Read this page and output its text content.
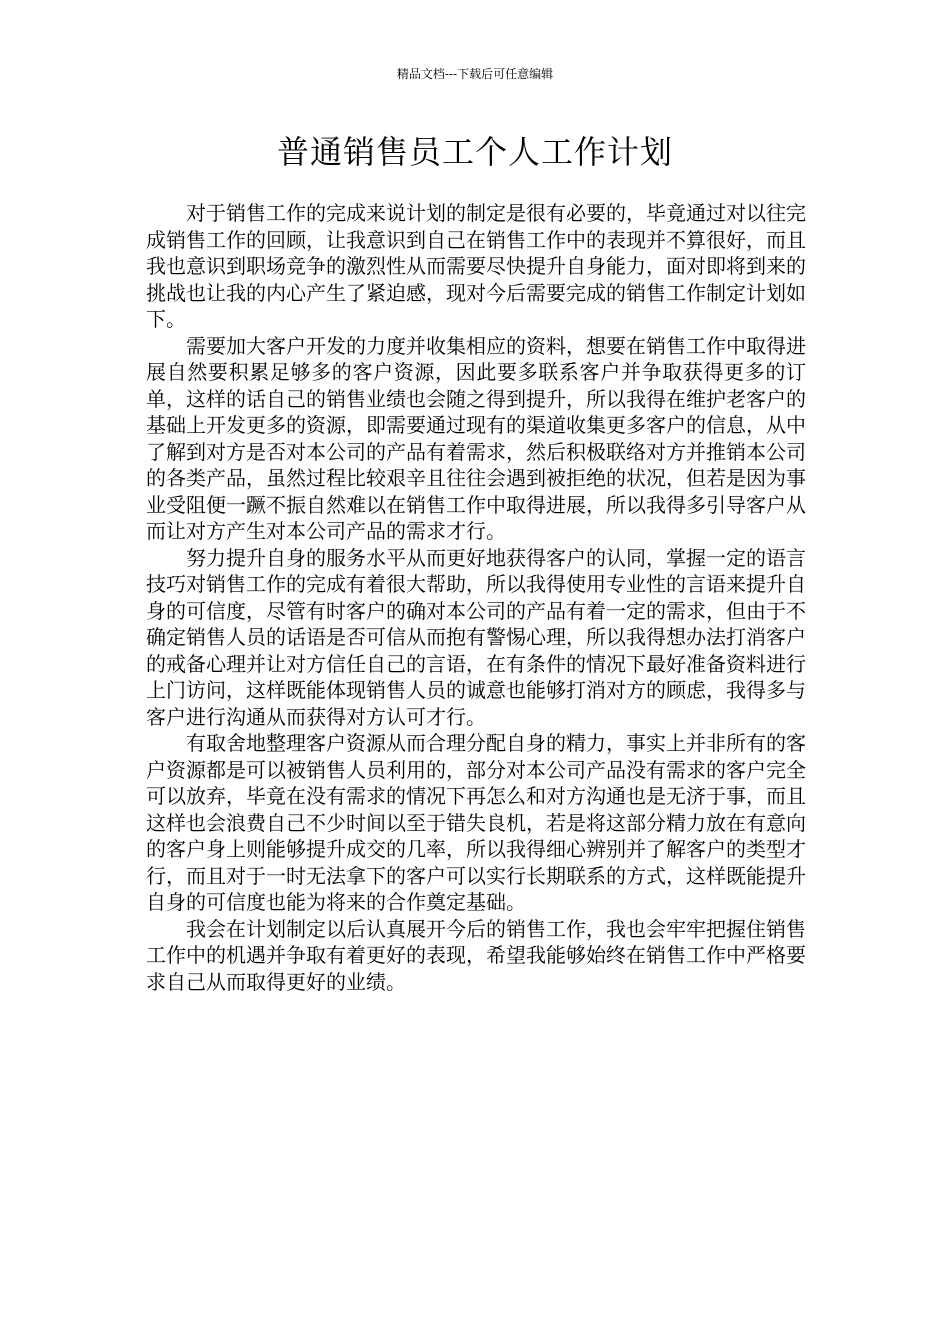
精品文档---下载后可任意编辑
普通销售员工个人工作计划

对于销售工作的完成来说计划的制定是很有必要的，毕竟通过对以往完成销售工作的回顾，让我意识到自己在销售工作中的表现并不算很好，而且我也意识到职场竞争的激烈性从而需要尽快提升自身能力，面对即将到来的挑战也让我的内心产生了紧迫感，现对今后需要完成的销售工作制定计划如下。

需要加大客户开发的力度并收集相应的资料，想要在销售工作中取得进展自然要积累足够多的客户资源，因此要多联系客户并争取获得更多的订单，这样的话自己的销售业绩也会随之得到提升，所以我得在维护老客户的基础上开发更多的资源，即需要通过现有的渠道收集更多客户的信息，从中了解到对方是否对本公司的产品有着需求，然后积极联络对方并推销本公司的各类产品，虽然过程比较艰辛且往往会遇到被拒绝的状况，但若是因为事业受阻便一蹶不振自然难以在销售工作中取得进展，所以我得多引导客户从而让对方产生对本公司产品的需求才行。

努力提升自身的服务水平从而更好地获得客户的认同，掌握一定的语言技巧对销售工作的完成有着很大帮助，所以我得使用专业性的言语来提升自身的可信度，尽管有时客户的确对本公司的产品有着一定的需求，但由于不确定销售人员的话语是否可信从而抱有警惕心理，所以我得想办法打消客户的戒备心理并让对方信任自己的言语，在有条件的情况下最好准备资料进行上门访问，这样既能体现销售人员的诚意也能够打消对方的顾虑，我得多与客户进行沟通从而获得对方认可才行。

有取舍地整理客户资源从而合理分配自身的精力，事实上并非所有的客户资源都是可以被销售人员利用的，部分对本公司产品没有需求的客户完全可以放弃，毕竟在没有需求的情况下再怎么和对方沟通也是无济于事，而且这样也会浪费自己不少时间以至于错失良机，若是将这部分精力放在有意向的客户身上则能够提升成交的几率，所以我得细心辨别并了解客户的类型才行，而且对于一时无法拿下的客户可以实行长期联系的方式，这样既能提升自身的可信度也能为将来的合作奠定基础。

我会在计划制定以后认真展开今后的销售工作，我也会牢牢把握住销售工作中的机遇并争取有着更好的表现，希望我能够始终在销售工作中严格要求自己从而取得更好的业绩。
